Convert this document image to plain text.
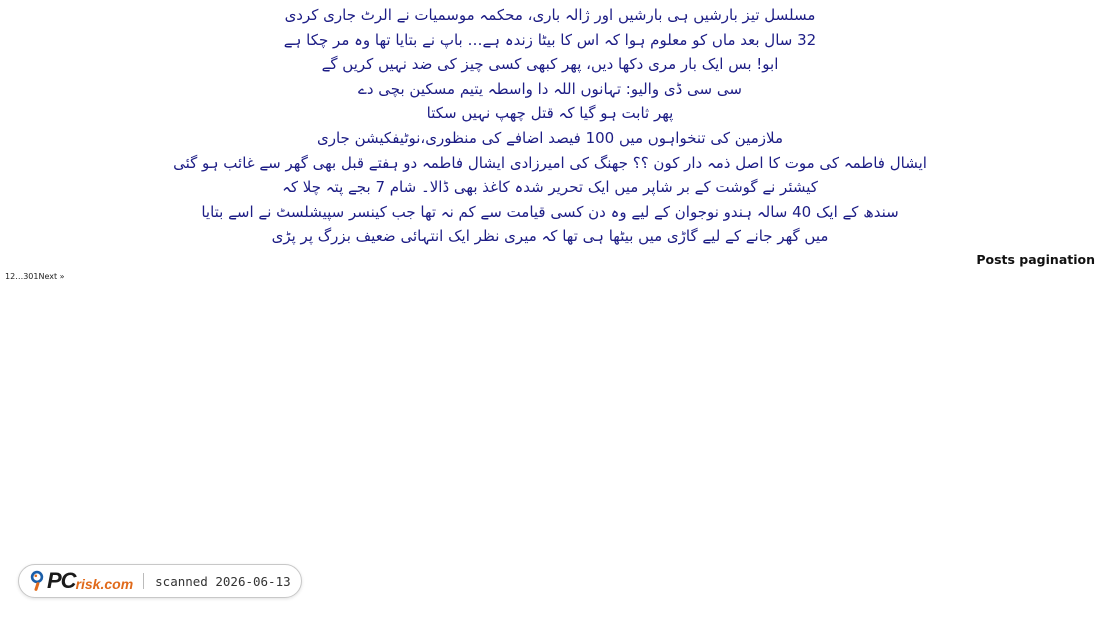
مسلسل تیز بارشیں ہی بارشیں اور ژالہ باری، محکمہ موسمیات نے الرٹ جاری کردی
32 سال بعد ماں کو معلوم ہوا کہ اس کا بیٹا زندہ ہے… باپ نے بتایا تھا وہ مر چکا ہے
ابو! بس ایک بار مری دکھا دیں، پھر کبھی کسی چیز کی ضد نہیں کریں گے
سی سی ڈی والیو: تہانوں اللہ دا واسطہ یتیم مسکین بچی دے
پھر ثابت ہو گیا کہ قتل چھپ نہیں سکتا
ملازمین کی تنخواہوں میں 100 فیصد اضافے کی منظوری،نوٹیفکیشن جاری
ایشال فاطمہ کی موت کا اصل ذمہ دار کون ؟؟ جھنگ کی امیرزادی ایشال فاطمہ دو ہفتے قبل بھی گھر سے غائب ہو گئی
کیشئر نے گوشت کے بر شاپر میں ایک تحریر شدہ کاغذ بھی ڈالا۔ شام 7 بجے پتہ چلا کہ
سندھ کے ایک 40 سالہ ہندو نوجوان کے لیے وہ دن کسی قیامت سے کم نہ تھا جب کینسر سپیشلسٹ نے اسے بتایا
میں گھر جانے کے لیے گاڑی میں بیٹھا ہی تھا کہ میری نظر ایک انتہائی ضعیف بزرگ پر پڑی
Posts pagination
12…301Next »
PC risk.com scanned 2026-06-13
